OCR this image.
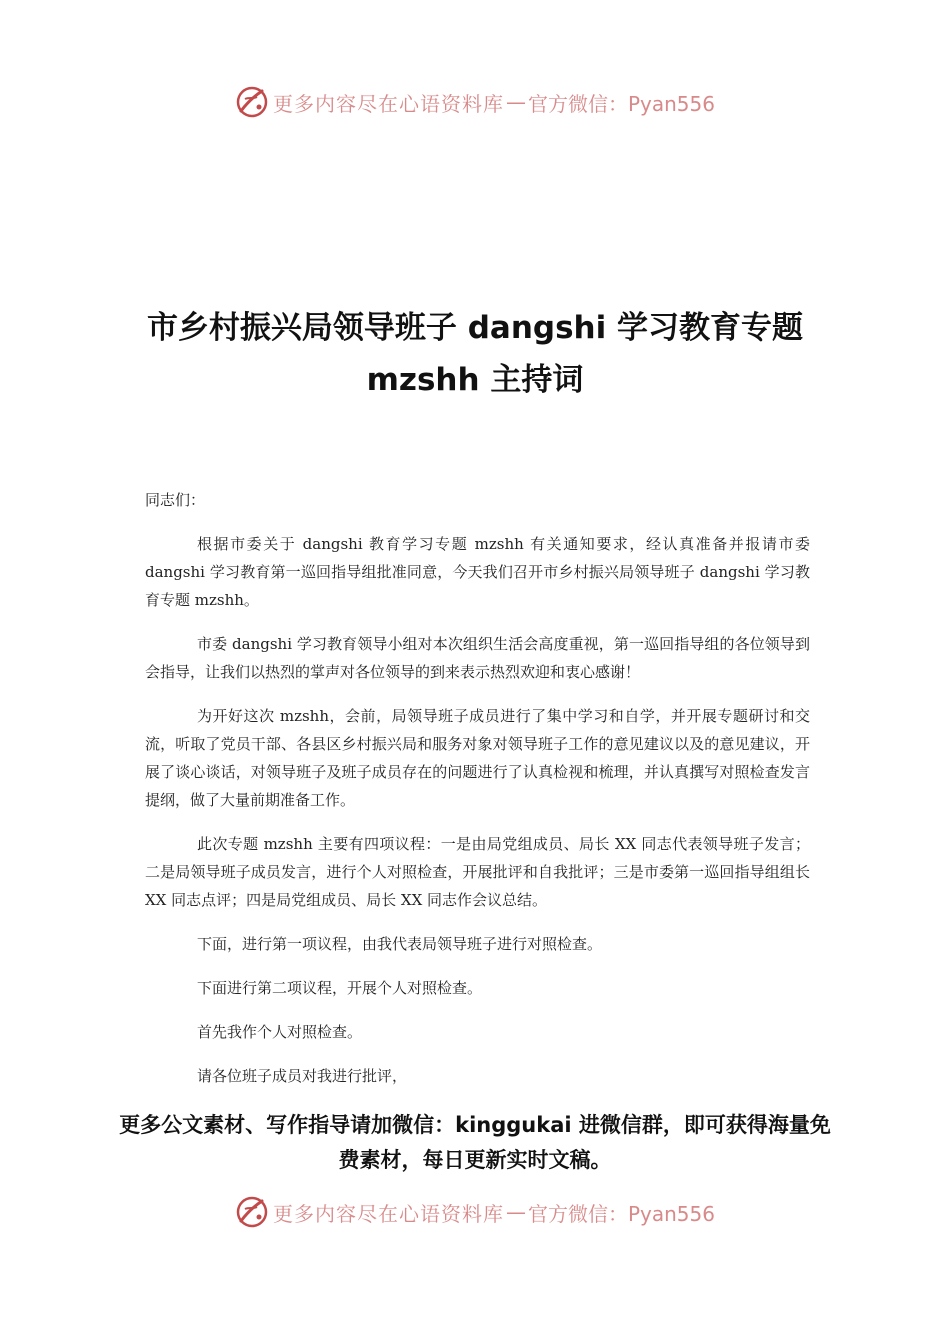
更多内容尽在心语资料库 — 官方微信：Pyan556
市乡村振兴局领导班子 dangshi 学习教育专题 mzshh 主持词

同志们：

根据市委关于 dangshi 教育学习专题 mzshh 有关通知要求，经认真准备并报请市委 dangshi 学习教育第一巡回指导组批准同意，今天我们召开市乡村振兴局领导班子 dangshi 学习教育专题 mzshh。

市委 dangshi 学习教育领导小组对本次组织生活会高度重视，第一巡回指导组的各位领导到会指导，让我们以热烈的掌声对各位领导的到来表示热烈欢迎和衷心感谢！

为开好这次 mzshh，会前，局领导班子成员进行了集中学习和自学，并开展专题研讨和交流，听取了党员干部、各县区乡村振兴局和服务对象对领导班子工作的意见建议以及的意见建议，开展了谈心谈话，对领导班子及班子成员存在的问题进行了认真检视和梳理，并认真撰写对照检查发言提纲，做了大量前期准备工作。

此次专题 mzshh 主要有四项议程：一是由局党组成员、局长 XX 同志代表领导班子发言；二是局领导班子成员发言，进行个人对照检查，开展批评和自我批评；三是市委第一巡回指导组组长 XX 同志点评；四是局党组成员、局长 XX 同志作会议总结。

下面，进行第一项议程，由我代表局领导班子进行对照检查。

下面进行第二项议程，开展个人对照检查。

首先我作个人对照检查。

请各位班子成员对我进行批评，

更多公文素材、写作指导请加微信：kinggukai 进微信群，即可获得海量免费素材，每日更新实时文稿。
更多内容尽在心语资料库 — 官方微信：Pyan556
